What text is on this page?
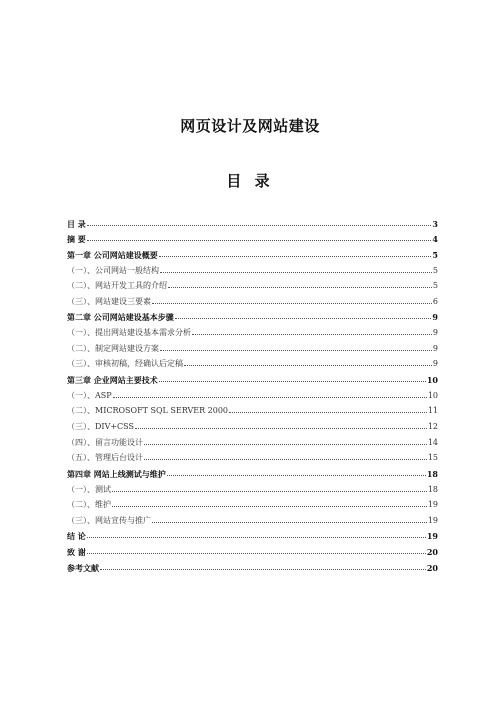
网页设计及网站建设
目 录
目 录	3
摘 要	4
第一章 公司网站建设概要	5
（一）、公司网站一般结构	5
（二）、网站开发工具的介绍	5
（三）、网站建设三要素	6
第二章 公司网站建设基本步骤	9
（一）、提出网站建设基本需求分析	9
（二）、制定网站建设方案	9
（三）、审核初稿，经确认后定稿	9
第三章 企业网站主要技术	10
（一）、ASP	10
（二）、MICROSOFT SQL SERVER 2000	11
（三）、DIV+CSS	12
（四）、留言功能设计	14
（五）、管理后台设计	15
第四章 网站上线测试与维护	18
（一）、测试	18
（二）、维护	19
（三）、网站宣传与推广	19
结 论	19
致 谢	20
参考文献	20
